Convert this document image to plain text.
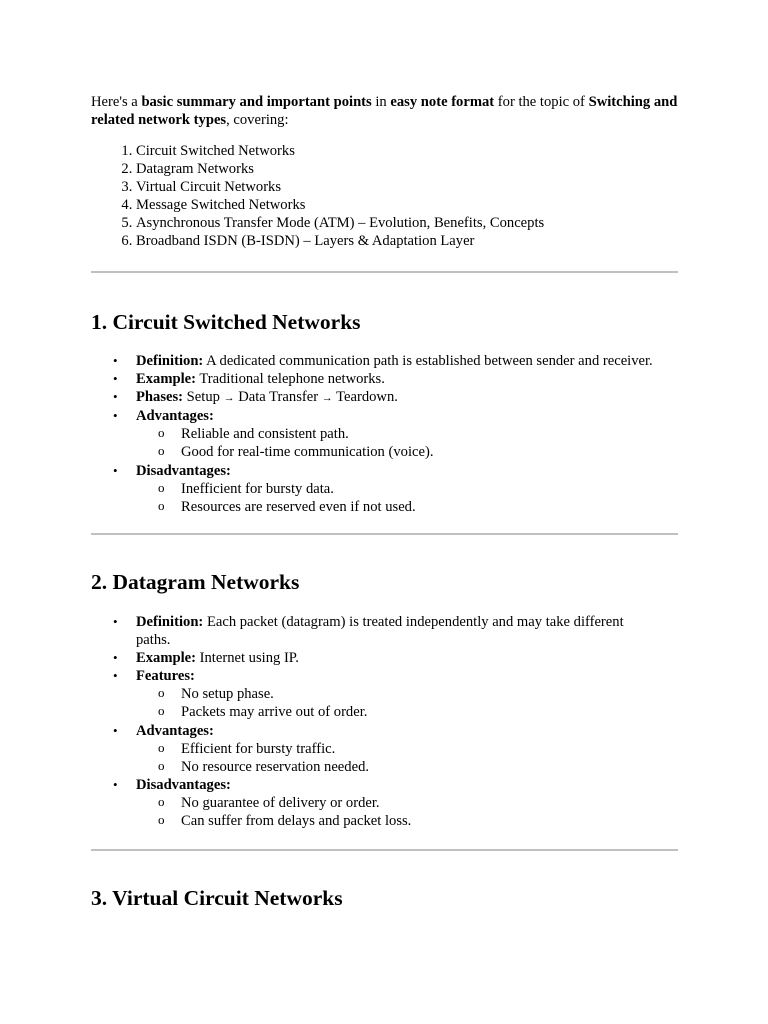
Here's a basic summary and important points in easy note format for the topic of Switching and related network types, covering:

1. Circuit Switched Networks
2. Datagram Networks
3. Virtual Circuit Networks
4. Message Switched Networks
5. Asynchronous Transfer Mode (ATM) – Evolution, Benefits, Concepts
6. Broadband ISDN (B-ISDN) – Layers & Adaptation Layer
1. Circuit Switched Networks
• Definition: A dedicated communication path is established between sender and receiver.
• Example: Traditional telephone networks.
• Phases: Setup → Data Transfer → Teardown.
• Advantages:
o Reliable and consistent path.
o Good for real-time communication (voice).
• Disadvantages:
o Inefficient for bursty data.
o Resources are reserved even if not used.
2. Datagram Networks
• Definition: Each packet (datagram) is treated independently and may take different paths.
• Example: Internet using IP.
• Features:
o No setup phase.
o Packets may arrive out of order.
• Advantages:
o Efficient for bursty traffic.
o No resource reservation needed.
• Disadvantages:
o No guarantee of delivery or order.
o Can suffer from delays and packet loss.
3. Virtual Circuit Networks
